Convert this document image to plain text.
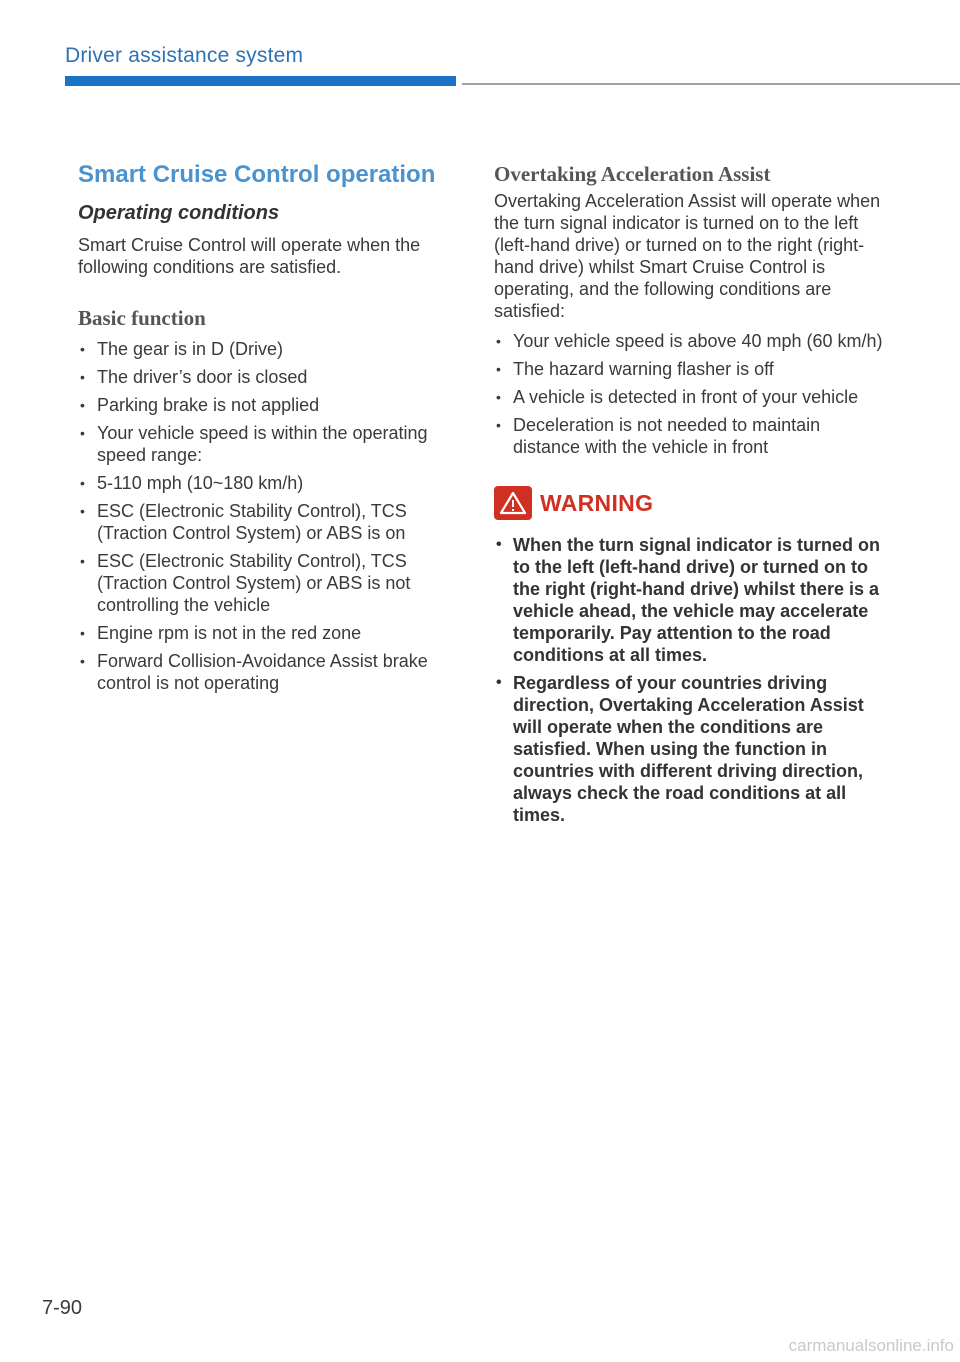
Driver assistance system
Smart Cruise Control operation
Operating conditions

Smart Cruise Control will operate when the following conditions are satisfied.

Basic function
• The gear is in D (Drive)
• The driver’s door is closed
• Parking brake is not applied
• Your vehicle speed is within the operating speed range:
• 5-110 mph (10~180 km/h)
• ESC (Electronic Stability Control), TCS (Traction Control System) or ABS is on
• ESC (Electronic Stability Control), TCS (Traction Control System) or ABS is not controlling the vehicle
• Engine rpm is not in the red zone
• Forward Collision-Avoidance Assist brake control is not operating
Overtaking Acceleration Assist

Overtaking Acceleration Assist will operate when the turn signal indicator is turned on to the left (left-hand drive) or turned on to the right (right-hand drive) whilst Smart Cruise Control is operating, and the following conditions are satisfied:

• Your vehicle speed is above 40 mph (60 km/h)
• The hazard warning flasher is off
• A vehicle is detected in front of your vehicle
• Deceleration is not needed to maintain distance with the vehicle in front
WARNING
• When the turn signal indicator is turned on to the left (left-hand drive) or turned on to the right (right-hand drive) whilst there is a vehicle ahead, the vehicle may accelerate temporarily. Pay attention to the road conditions at all times.
• Regardless of your countries driving direction, Overtaking Acceleration Assist will operate when the conditions are satisfied. When using the function in countries with different driving direction, always check the road conditions at all times.
7-90
carmanualsonline.info
